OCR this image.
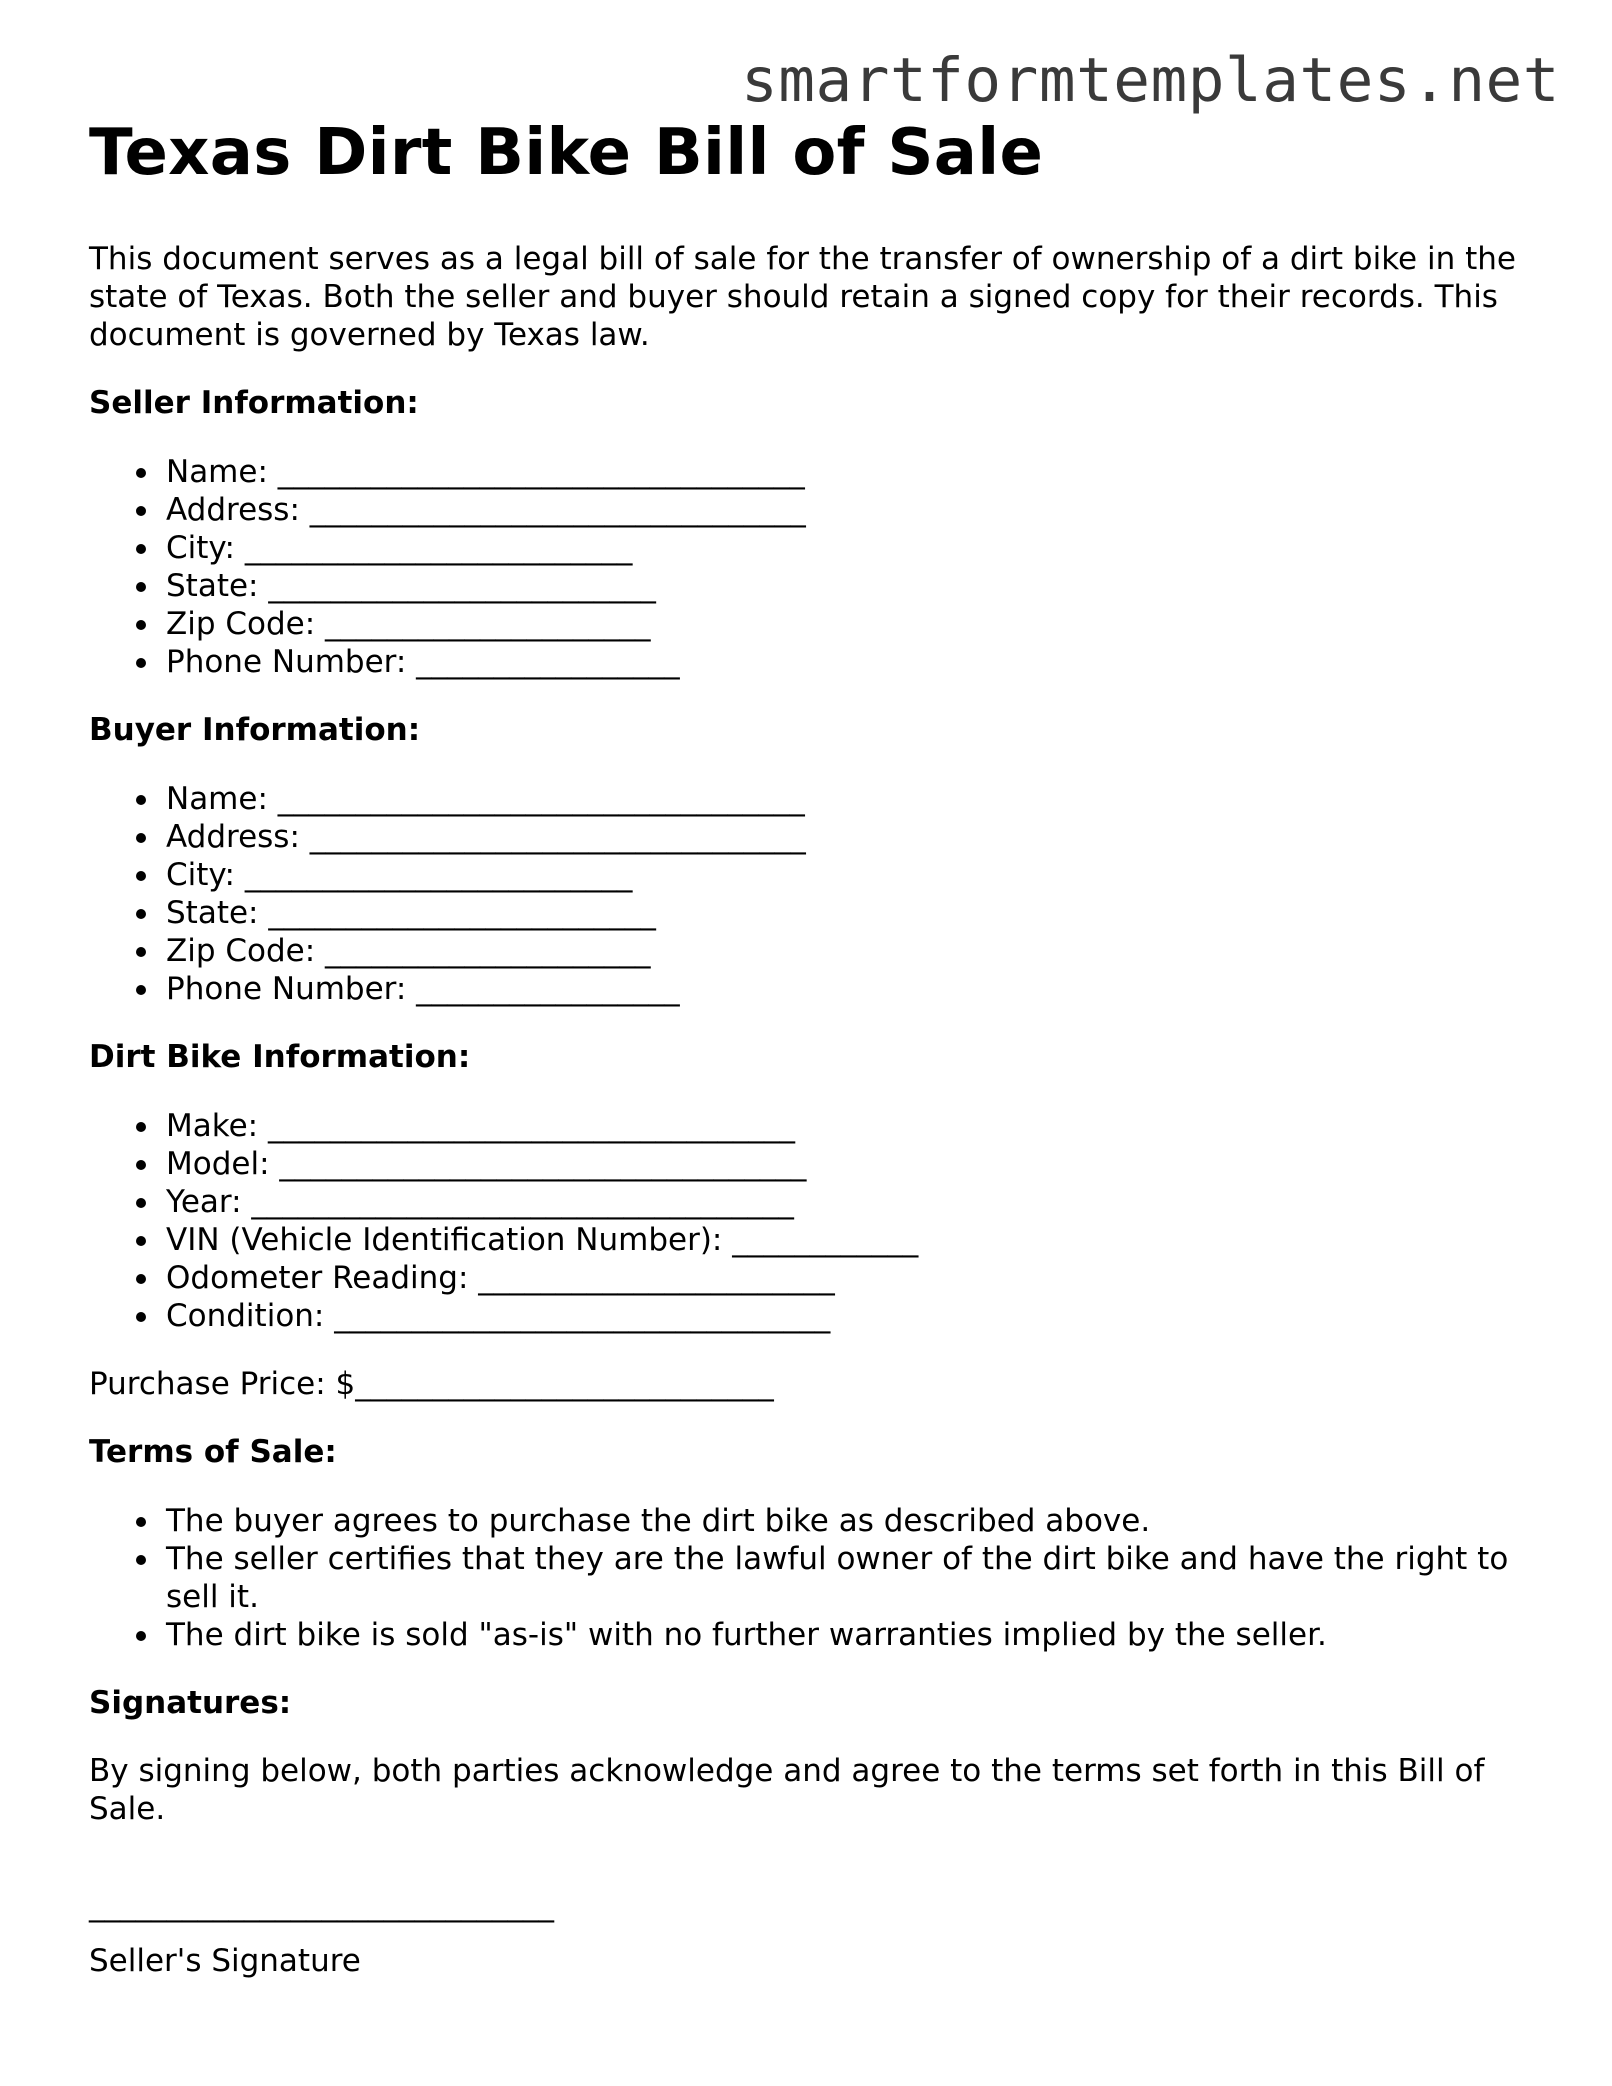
smartformtemplates.net
Texas Dirt Bike Bill of Sale

This document serves as a legal bill of sale for the transfer of ownership of a dirt bike in the state of Texas. Both the seller and buyer should retain a signed copy for their records. This document is governed by Texas law.

Seller Information:
Name: __________________________________
Address: ________________________________
City: _________________________
State: _________________________
Zip Code: _____________________
Phone Number: _________________
Buyer Information:
Name: __________________________________
Address: ________________________________
City: _________________________
State: _________________________
Zip Code: _____________________
Phone Number: _________________
Dirt Bike Information:
Make: __________________________________
Model: __________________________________
Year: ___________________________________
VIN (Vehicle Identification Number): ____________
Odometer Reading: _______________________
Condition: ________________________________

Purchase Price: $___________________________

Terms of Sale:
The buyer agrees to purchase the dirt bike as described above.
The seller certifies that they are the lawful owner of the dirt bike and have the right to sell it.
The dirt bike is sold "as-is" with no further warranties implied by the seller.
Signatures:

By signing below, both parties acknowledge and agree to the terms set forth in this Bill of Sale.

______________________________

Seller's Signature
